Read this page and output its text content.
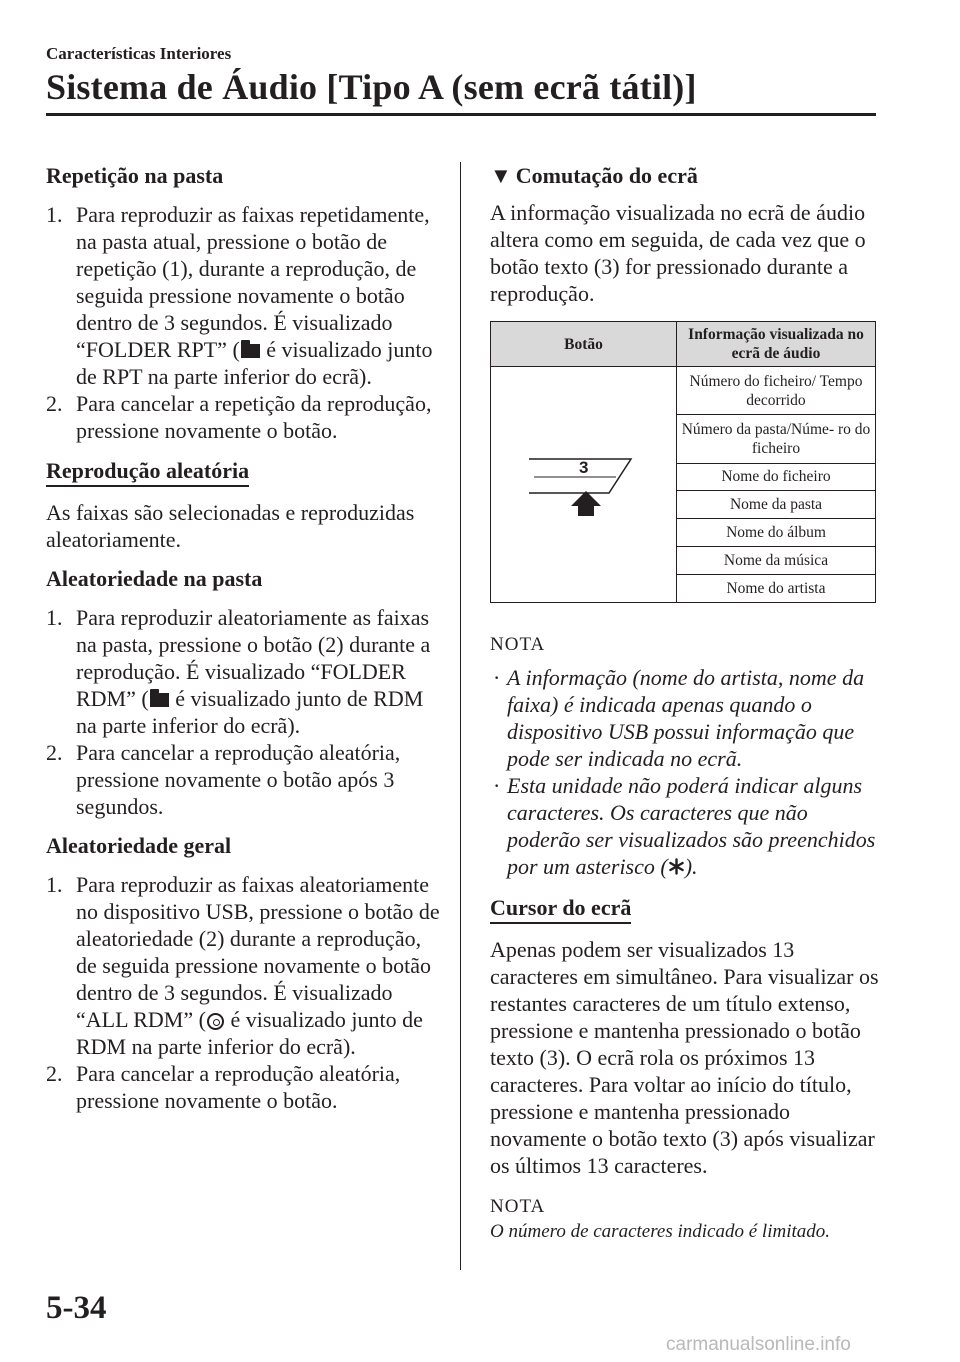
Características Interiores
Sistema de Áudio [Tipo A (sem ecrã tátil)]

Repetição na pasta

1. Para reproduzir as faixas repetidamente, na pasta atual, pressione o botão de repetição (1), durante a reprodução, de seguida pressione novamente o botão dentro de 3 segundos. É visualizado “FOLDER RPT” ( é visualizado junto de RPT na parte inferior do ecrã).

2. Para cancelar a repetição da reprodução, pressione novamente o botão.

Reprodução aleatória

As faixas são selecionadas e reproduzidas aleatoriamente.

Aleatoriedade na pasta

1. Para reproduzir aleatoriamente as faixas na pasta, pressione o botão (2) durante a reprodução. É visualizado “FOLDER RDM” ( é visualizado junto de RDM na parte inferior do ecrã).

2. Para cancelar a reprodução aleatória, pressione novamente o botão após 3 segundos.

Aleatoriedade geral

1. Para reproduzir as faixas aleatoriamente no dispositivo USB, pressione o botão de aleatoriedade (2) durante a reprodução, de seguida pressione novamente o botão dentro de 3 segundos. É visualizado “ALL RDM” ( é visualizado junto de RDM na parte inferior do ecrã).

2. Para cancelar a reprodução aleatória, pressione novamente o botão.

▼ Comutação do ecrã

A informação visualizada no ecrã de áudio altera como em seguida, de cada vez que o botão texto (3) for pressionado durante a reprodução.

Botão	Informação visualizada no ecrã de áudio

3	Número do ficheiro/ Tempo decorrido
	Número da pasta/Núme- ro do ficheiro
	Nome do ficheiro
	Nome da pasta
	Nome do álbum
	Nome da música
	Nome do artista

NOTA

· A informação (nome do artista, nome da faixa) é indicada apenas quando o dispositivo USB possui informação que pode ser indicada no ecrã.

· Esta unidade não poderá indicar alguns caracteres. Os caracteres que não poderão ser visualizados são preenchidos por um asterisco ( ).

Cursor do ecrã

Apenas podem ser visualizados 13 caracteres em simultâneo. Para visualizar os restantes caracteres de um título extenso, pressione e mantenha pressionado o botão texto (3). O ecrã rola os próximos 13 caracteres. Para voltar ao início do título, pressione e mantenha pressionado novamente o botão texto (3) após visualizar os últimos 13 caracteres.

NOTA

O número de caracteres indicado é limitado.

5-34
carmanualsonline.info
